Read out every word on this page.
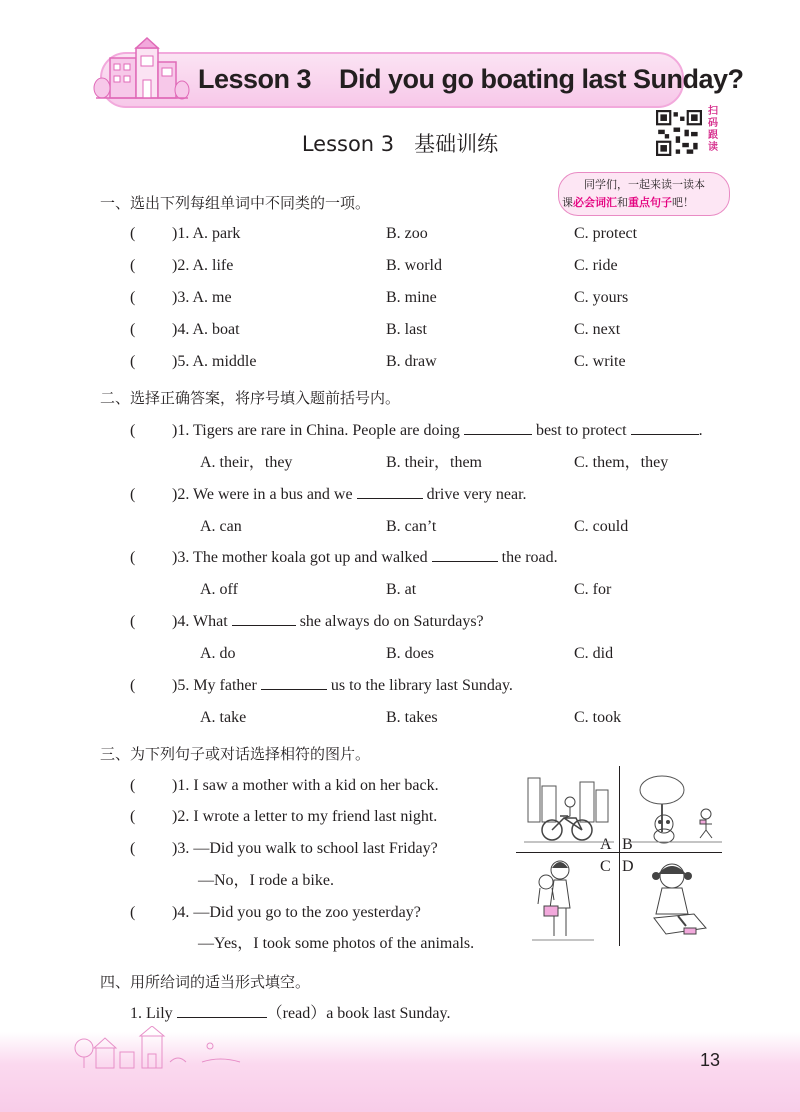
Lesson 3    Did you go boating last Sunday?
Lesson 3   基础训练
扫
码
跟
读
同学们，一起来读一读本
课必会词汇和重点句子吧！
一、选出下列每组单词中不同类的一项。
( )1. A. park	B. zoo	C. protect
( )2. A. life	B. world	C. ride
( )3. A. me	B. mine	C. yours
( )4. A. boat	B. last	C. next
( )5. A. middle	B. draw	C. write
二、选择正确答案，将序号填入题前括号内。
( )1. Tigers are rare in China. People are doing	best to protect	.
A. their，they	B. their，them	C. them，they
( )2. We were in a bus and we	drive very near.
A. can	B. can’t	C. could
( )3. The mother koala got up and walked	the road.
A. off	B. at	C. for
( )4. What	she always do on Saturdays?
A. do	B. does	C. did
( )5. My father	us to the library last Sunday.
A. take	B. takes	C. took
三、为下列句子或对话选择相符的图片。
( )1. I saw a mother with a kid on her back.
( )2. I wrote a letter to my friend last night.
( )3. —Did you walk to school last Friday?
—No，I rode a bike.
( )4. —Did you go to the zoo yesterday?
—Yes，I took some photos of the animals.
A B
C D
四、用所给词的适当形式填空。
1. Lily	（read）a book last Sunday.
13
